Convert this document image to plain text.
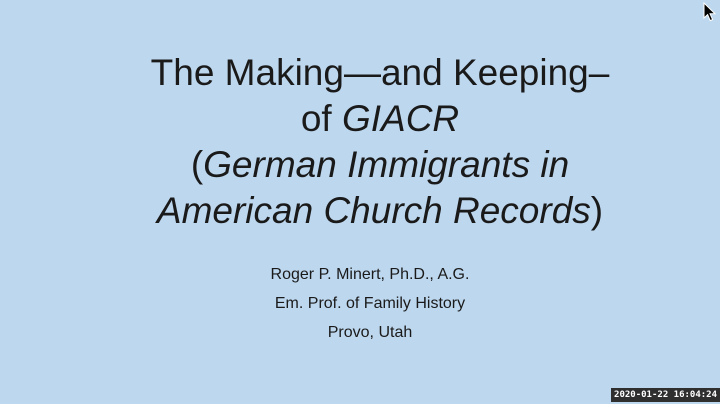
The Making—and Keeping–
of GIACR
(German Immigrants in
American Church Records)
Roger P. Minert, Ph.D., A.G.
Em. Prof. of Family History
Provo, Utah
2020-01-22 16:04:24
